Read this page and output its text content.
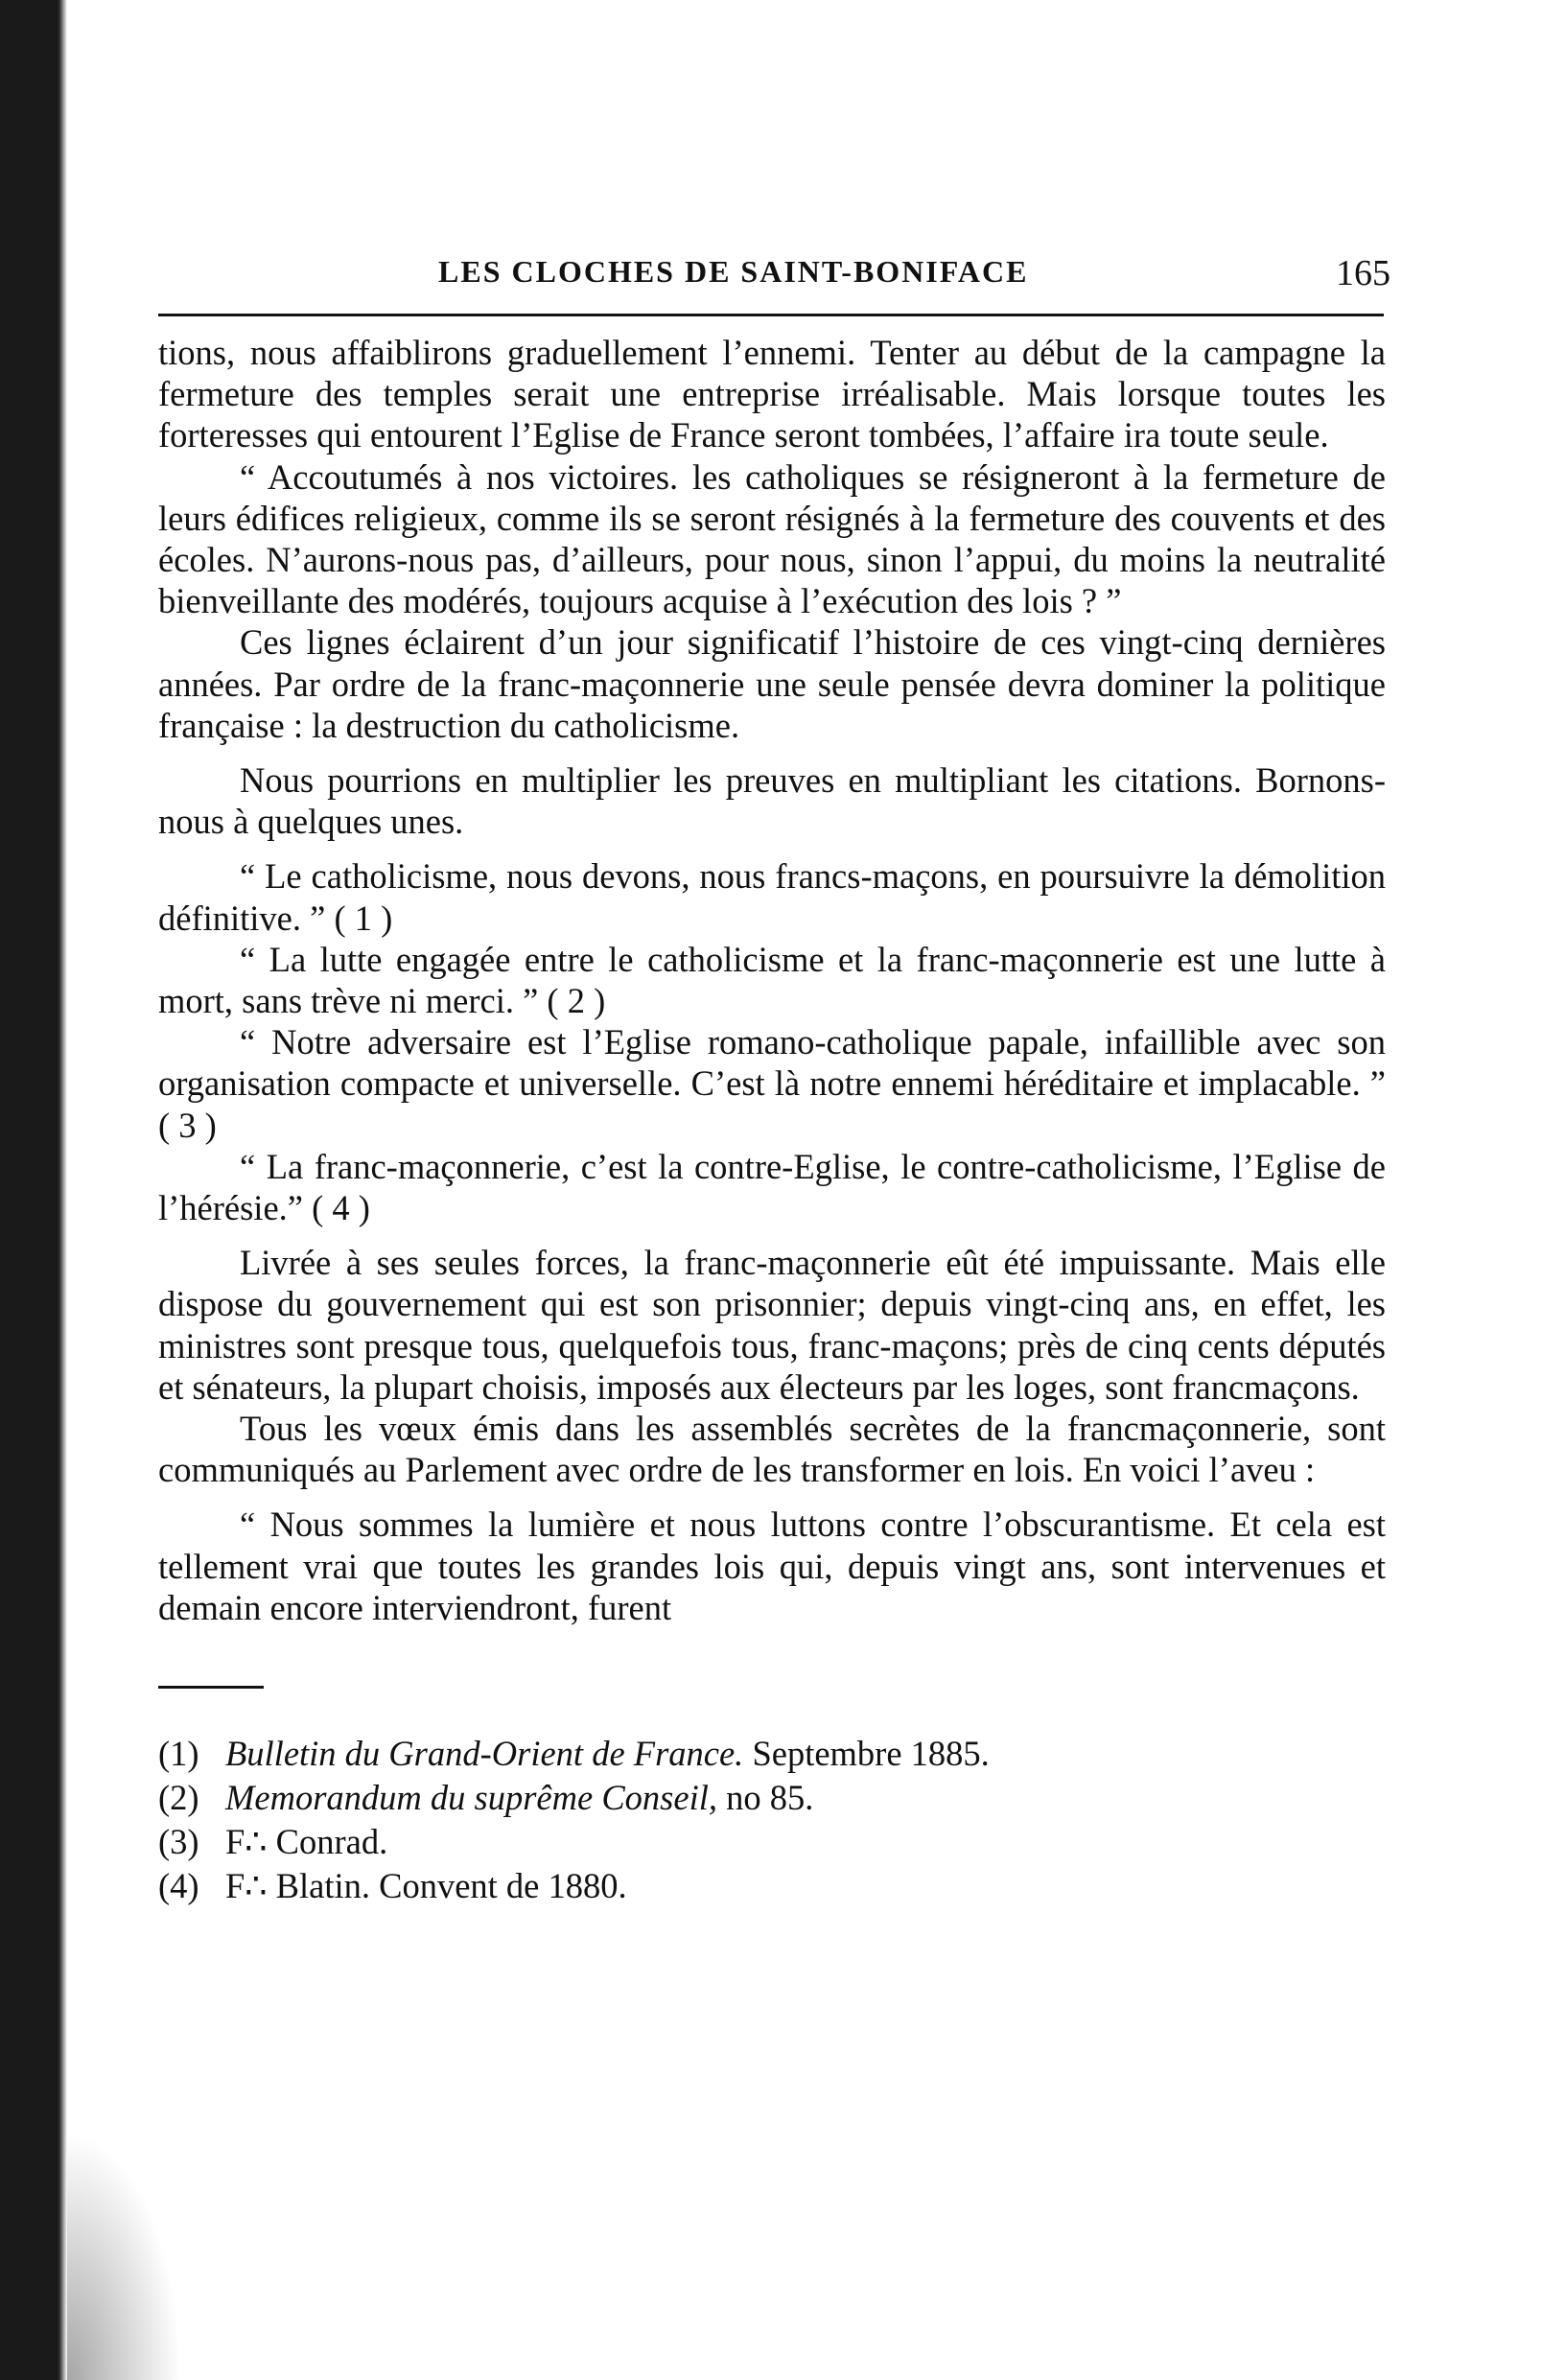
LES CLOCHES DE SAINT-BONIFACE	165

tions, nous affaiblirons graduellement l’ennemi. Tenter au début de la campagne la fermeture des temples serait une entreprise irréalisable. Mais lorsque toutes les forteresses qui entourent l’Eglise de France seront tombées, l’affaire ira toute seule.

“ Accoutumés à nos victoires. les catholiques se résigneront à la fermeture de leurs édifices religieux, comme ils se seront résignés à la fermeture des couvents et des écoles. N’aurons-nous pas, d’ailleurs, pour nous, sinon l’appui, du moins la neutralité bienveillante des modérés, toujours acquise à l’exécution des lois ? ”

Ces lignes éclairent d’un jour significatif l’histoire de ces vingt-cinq dernières années. Par ordre de la franc-maçonnerie une seule pensée devra dominer la politique française : la destruction du catholicisme.

Nous pourrions en multiplier les preuves en multipliant les citations. Bornons-nous à quelques unes.

“ Le catholicisme, nous devons, nous francs-maçons, en poursuivre la démolition définitive. ” ( 1 )

“ La lutte engagée entre le catholicisme et la franc-maçonnerie est une lutte à mort, sans trève ni merci. ” ( 2 )

“ Notre adversaire est l’Eglise romano-catholique papale, infaillible avec son organisation compacte et universelle. C’est là notre ennemi héréditaire et implacable. ” ( 3 )

“ La franc-maçonnerie, c’est la contre-Eglise, le contre-catholicisme, l’Eglise de l’hérésie.” ( 4 )

Livrée à ses seules forces, la franc-maçonnerie eût été impuissante. Mais elle dispose du gouvernement qui est son prisonnier; depuis vingt-cinq ans, en effet, les ministres sont presque tous, quelquefois tous, franc-maçons; près de cinq cents députés et sénateurs, la plupart choisis, imposés aux électeurs par les loges, sont francmaçons.

Tous les vœux émis dans les assemblés secrètes de la francmaçonnerie, sont communiqués au Parlement avec ordre de les transformer en lois. En voici l’aveu :

“ Nous sommes la lumière et nous luttons contre l’obscurantisme. Et cela est tellement vrai que toutes les grandes lois qui, depuis vingt ans, sont intervenues et demain encore interviendront, furent

(1) Bulletin du Grand-Orient de France. Septembre 1885.

(2) Memorandum du suprême Conseil, no 85.

(3) F∴ Conrad.

(4) F∴ Blatin. Convent de 1880.
